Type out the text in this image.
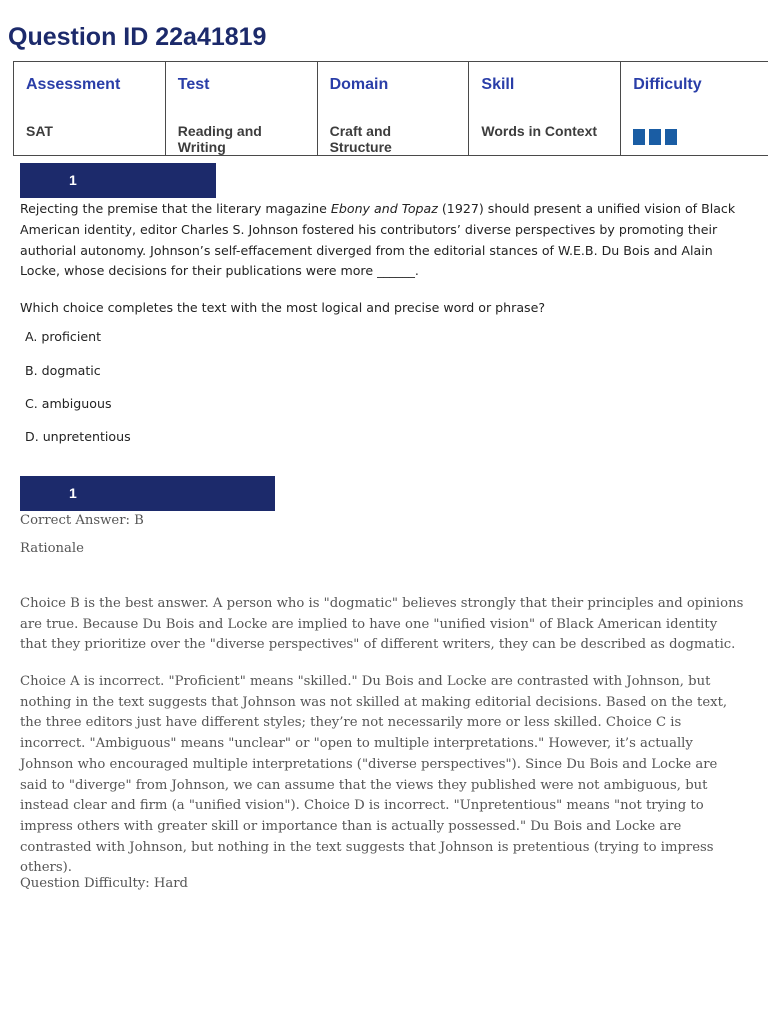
Question ID 22a41819
Assessment	Test	Domain	Skill	Difficulty
SAT	Reading and Writing	Craft and Structure	Words in Context	
1

Rejecting the premise that the literary magazine Ebony and Topaz (1927) should present a unified vision of Black American identity, editor Charles S. Johnson fostered his contributors’ diverse perspectives by promoting their authorial autonomy. Johnson’s self-effacement diverged from the editorial stances of W.E.B. Du Bois and Alain Locke, whose decisions for their publications were more ______.

Which choice completes the text with the most logical and precise word or phrase?

A. proficient

B. dogmatic

C. ambiguous

D. unpretentious

1

Correct Answer: B

Rationale

Choice B is the best answer. A person who is "dogmatic" believes strongly that their principles and opinions are true. Because Du Bois and Locke are implied to have one "unified vision" of Black American identity that they prioritize over the "diverse perspectives" of different writers, they can be described as dogmatic.

Choice A is incorrect. "Proficient" means "skilled." Du Bois and Locke are contrasted with Johnson, but nothing in the text suggests that Johnson was not skilled at making editorial decisions. Based on the text, the three editors just have different styles; they’re not necessarily more or less skilled. Choice C is incorrect. "Ambiguous" means "unclear" or "open to multiple interpretations." However, it’s actually Johnson who encouraged multiple interpretations ("diverse perspectives"). Since Du Bois and Locke are said to "diverge" from Johnson, we can assume that the views they published were not ambiguous, but instead clear and firm (a "unified vision"). Choice D is incorrect. "Unpretentious" means "not trying to impress others with greater skill or importance than is actually possessed." Du Bois and Locke are contrasted with Johnson, but nothing in the text suggests that Johnson is pretentious (trying to impress others).

Question Difficulty: Hard
